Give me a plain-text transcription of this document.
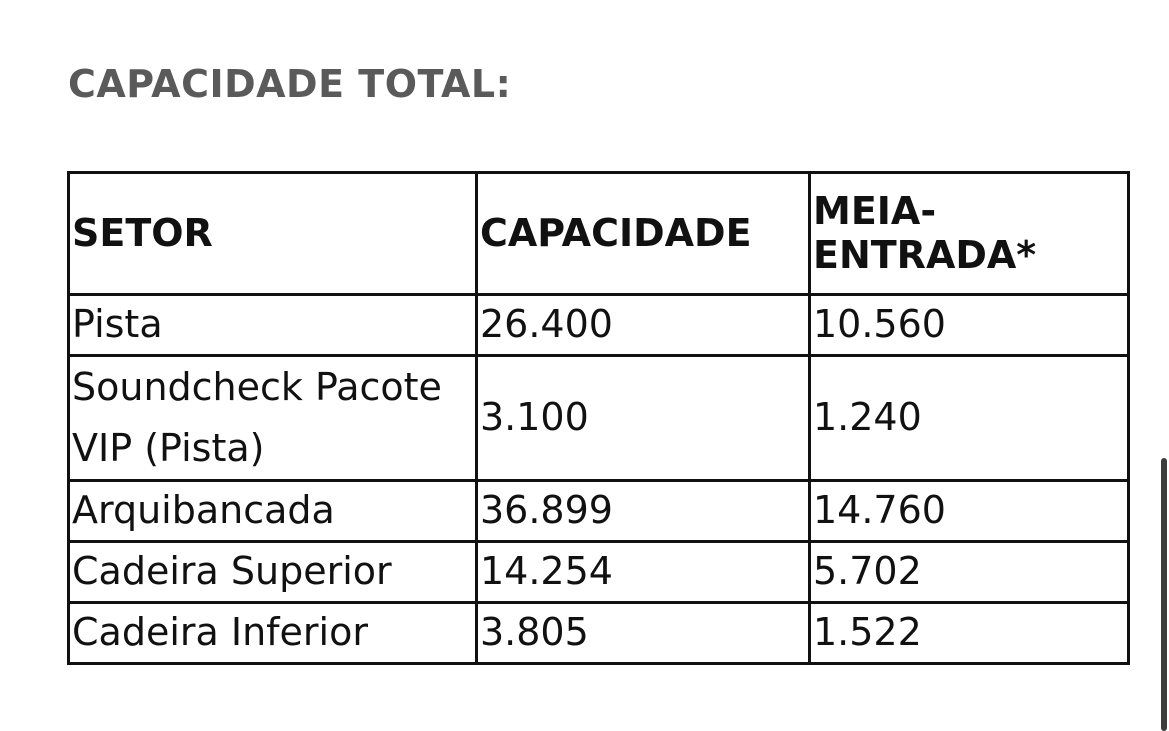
CAPACIDADE TOTAL:
SETOR	CAPACIDADE	MEIA-ENTRADA*
Pista	26.400	10.560
Soundcheck Pacote VIP (Pista)	3.100	1.240
Arquibancada	36.899	14.760
Cadeira Superior	14.254	5.702
Cadeira Inferior	3.805	1.522
